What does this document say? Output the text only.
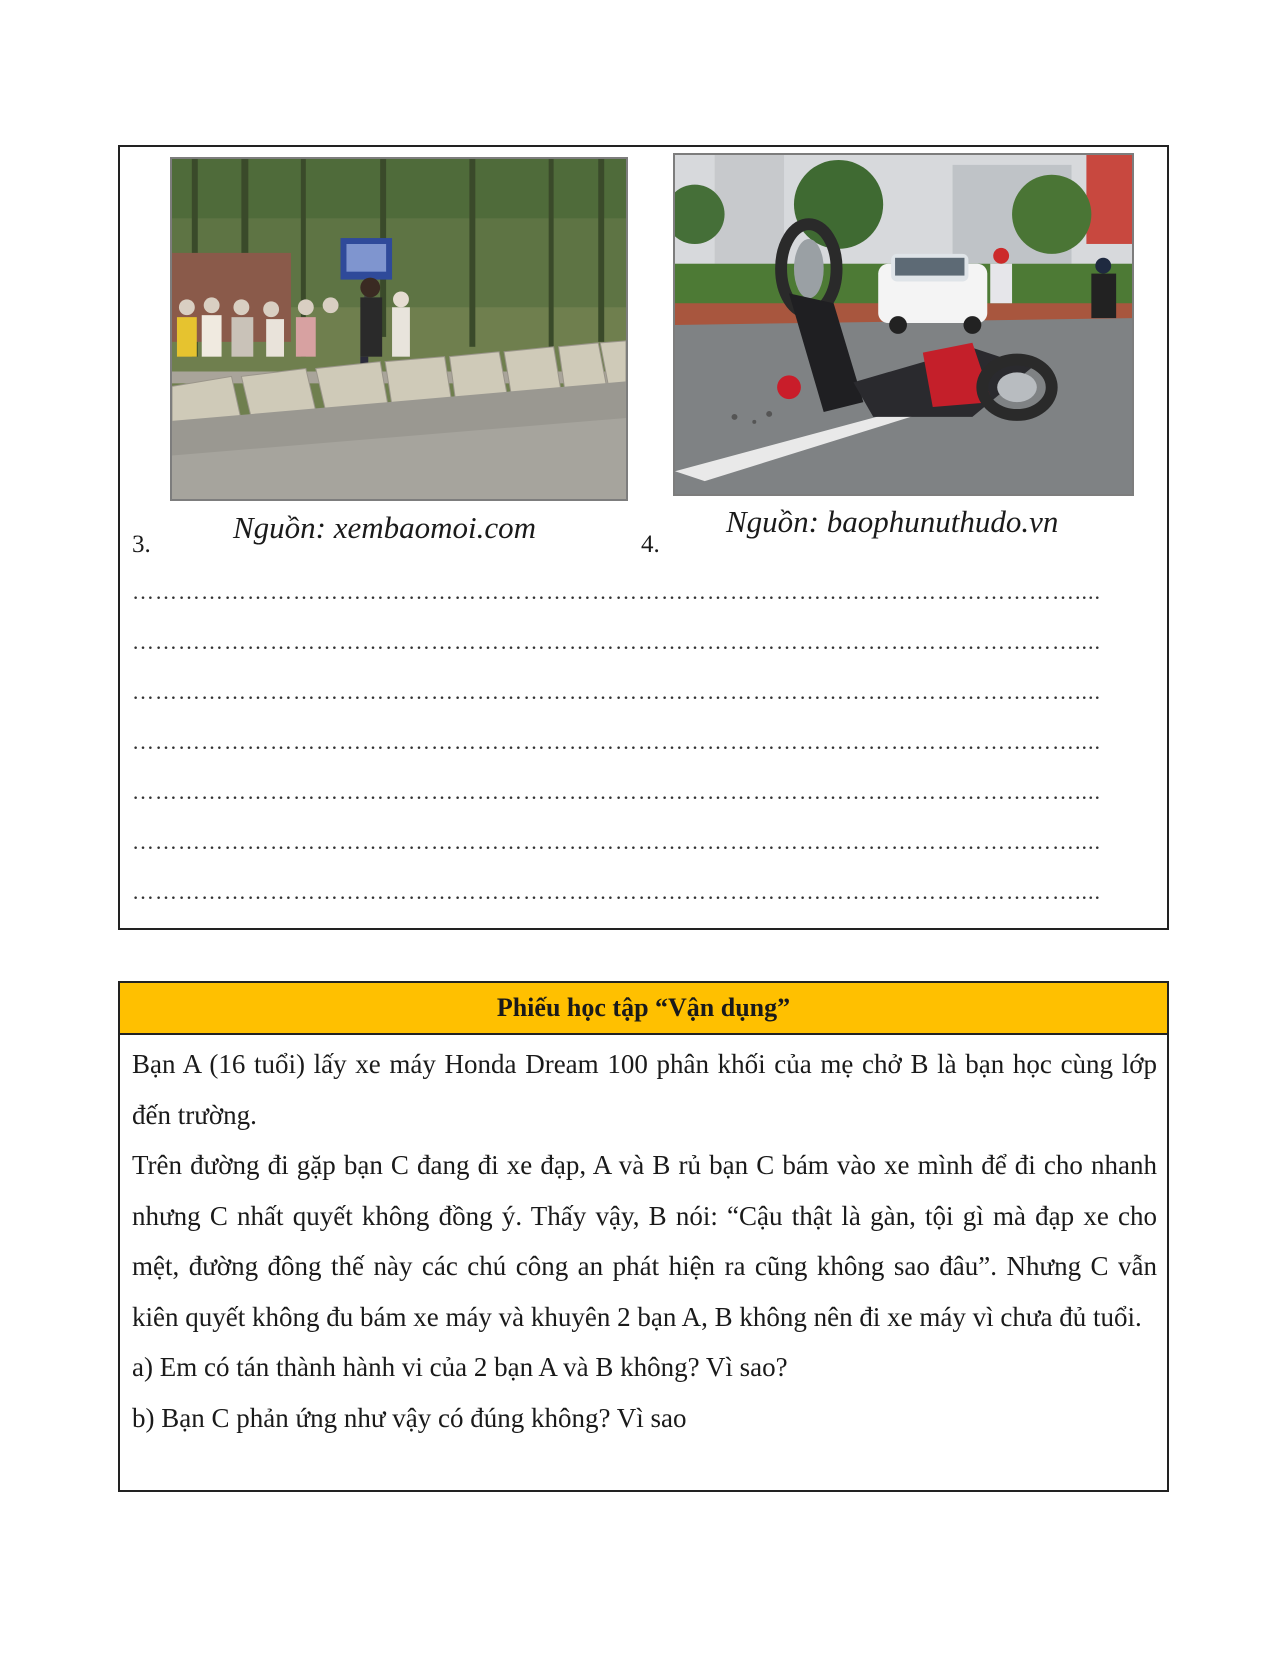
Nguồn: xembaomoi.com	Nguồn: baophunuthudo.vn
3.	4.
……………………………………………………………………………………………………………....
……………………………………………………………………………………………………………....
……………………………………………………………………………………………………………....
……………………………………………………………………………………………………………....
……………………………………………………………………………………………………………....
……………………………………………………………………………………………………………....
……………………………………………………………………………………………………………....
Phiếu học tập “Vận dụng”

Bạn A (16 tuổi) lấy xe máy Honda Dream 100 phân khối của mẹ chở B là bạn học cùng lớp đến trường.

Trên đường đi gặp bạn C đang đi xe đạp, A và B rủ bạn C bám vào xe mình để đi cho nhanh nhưng C nhất quyết không đồng ý. Thấy vậy, B nói: “Cậu thật là gàn, tội gì mà đạp xe cho mệt, đường đông thế này các chú công an phát hiện ra cũng không sao đâu”. Nhưng C vẫn kiên quyết không đu bám xe máy và khuyên 2 bạn A, B không nên đi xe máy vì chưa đủ tuổi.

a) Em có tán thành hành vi của 2 bạn A và B không? Vì sao?

b) Bạn C phản ứng như vậy có đúng không? Vì sao
